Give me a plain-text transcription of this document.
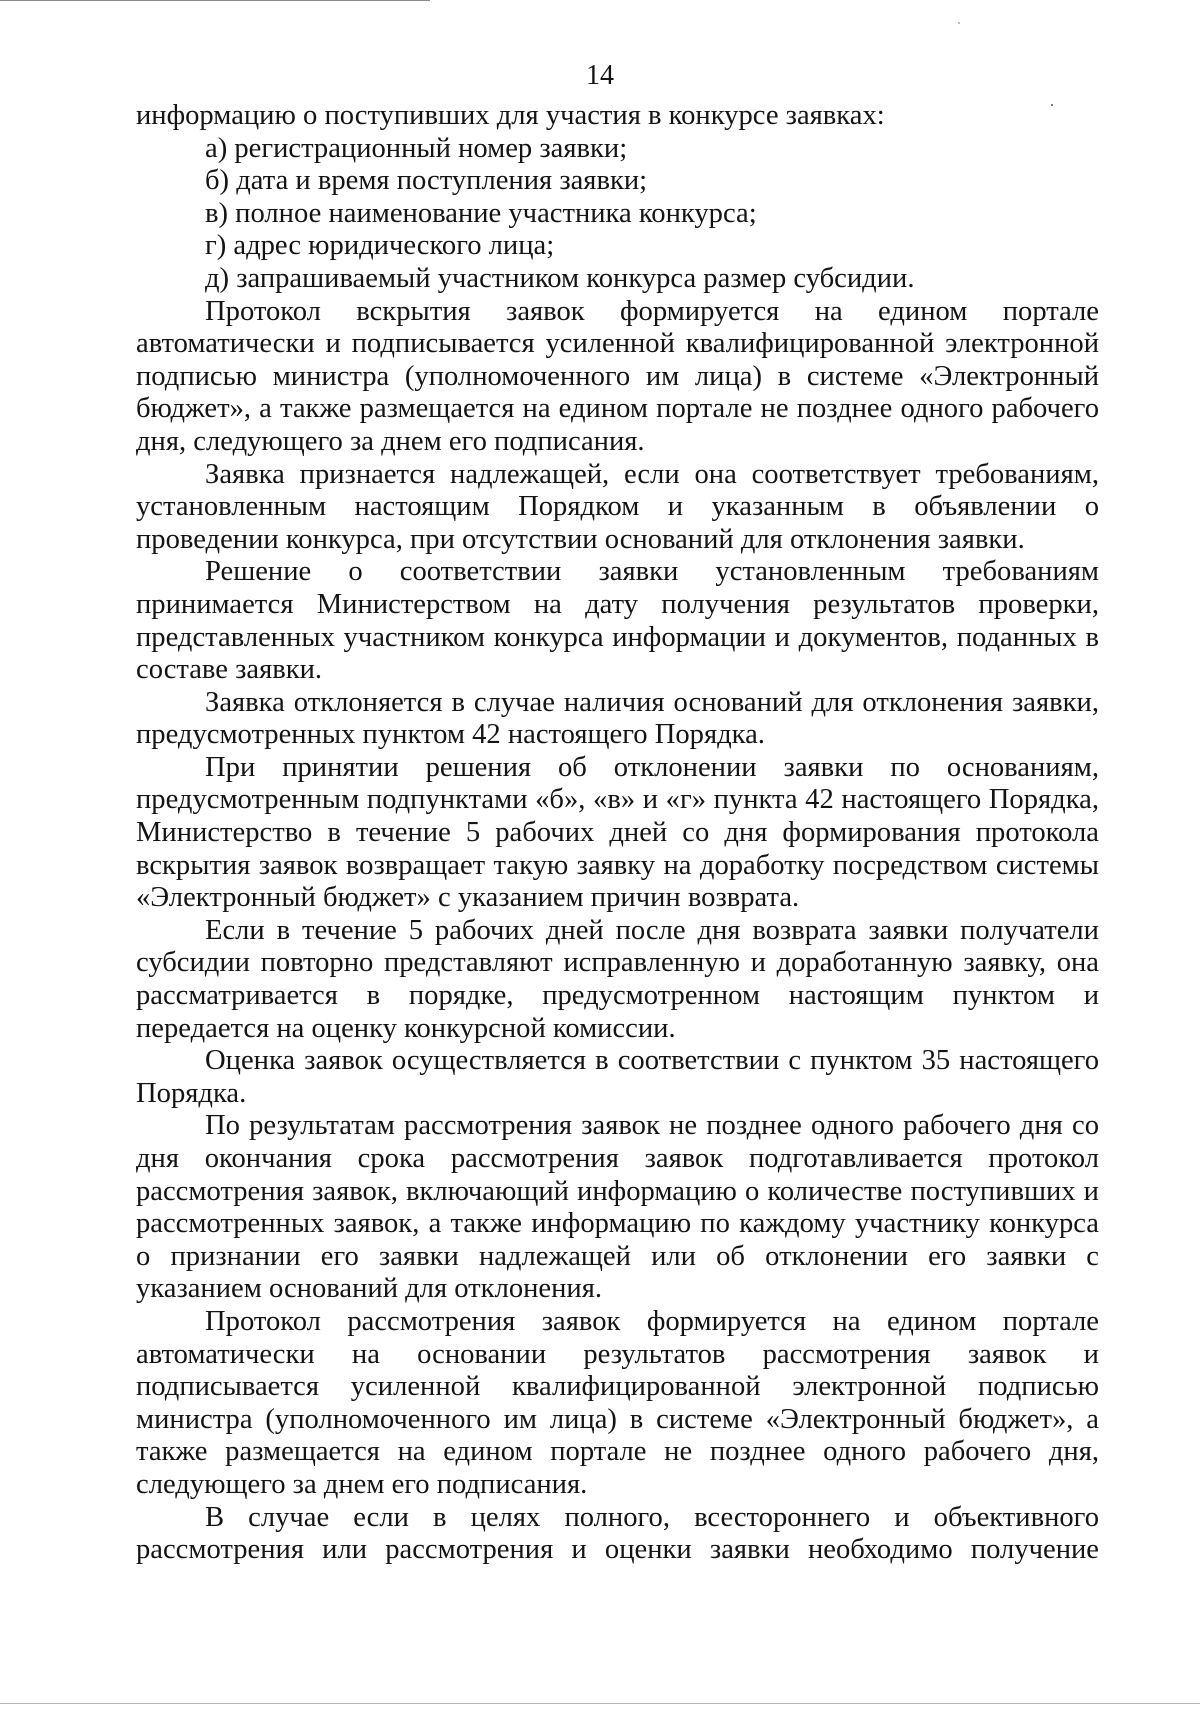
14

информацию о поступивших для участия в конкурсе заявках:

а) регистрационный номер заявки;

б) дата и время поступления заявки;

в) полное наименование участника конкурса;

г) адрес юридического лица;

д) запрашиваемый участником конкурса размер субсидии.

Протокол вскрытия заявок формируется на едином портале автоматически и подписывается усиленной квалифицированной электронной подписью министра (уполномоченного им лица) в системе «Электронный бюджет», а также размещается на едином портале не позднее одного рабочего дня, следующего за днем его подписания.

Заявка признается надлежащей, если она соответствует требованиям, установленным настоящим Порядком и указанным в объявлении о проведении конкурса, при отсутствии оснований для отклонения заявки.

Решение о соответствии заявки установленным требованиям принимается Министерством на дату получения результатов проверки, представленных участником конкурса информации и документов, поданных в составе заявки.

Заявка отклоняется в случае наличия оснований для отклонения заявки, предусмотренных пунктом 42 настоящего Порядка.

При принятии решения об отклонении заявки по основаниям, предусмотренным подпунктами «б», «в» и «г» пункта 42 настоящего Порядка, Министерство в течение 5 рабочих дней со дня формирования протокола вскрытия заявок возвращает такую заявку на доработку посредством системы «Электронный бюджет» с указанием причин возврата.

Если в течение 5 рабочих дней после дня возврата заявки получатели субсидии повторно представляют исправленную и доработанную заявку, она рассматривается в порядке, предусмотренном настоящим пунктом и передается на оценку конкурсной комиссии.

Оценка заявок осуществляется в соответствии с пунктом 35 настоящего Порядка.

По результатам рассмотрения заявок не позднее одного рабочего дня со дня окончания срока рассмотрения заявок подготавливается протокол рассмотрения заявок, включающий информацию о количестве поступивших и рассмотренных заявок, а также информацию по каждому участнику конкурса о признании его заявки надлежащей или об отклонении его заявки с указанием оснований для отклонения.

Протокол рассмотрения заявок формируется на едином портале автоматически на основании результатов рассмотрения заявок и подписывается усиленной квалифицированной электронной подписью министра (уполномоченного им лица) в системе «Электронный бюджет», а также размещается на едином портале не позднее одного рабочего дня, следующего за днем его подписания.

В случае если в целях полного, всестороннего и объективного рассмотрения или рассмотрения и оценки заявки необходимо получение
